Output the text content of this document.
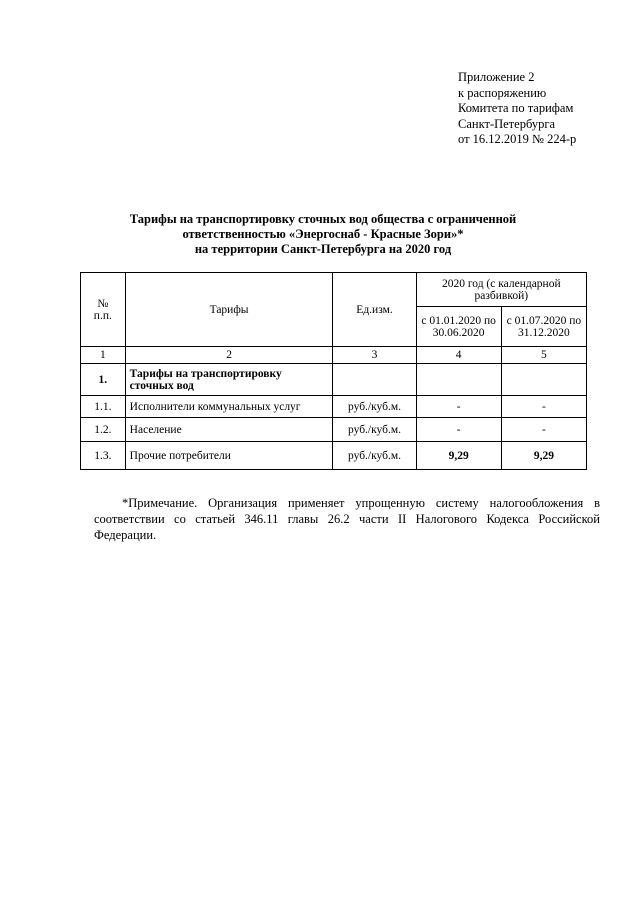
Приложение 2
к распоряжению
Комитета по тарифам
Санкт-Петербурга
от 16.12.2019 № 224-р
Тарифы на транспортировку сточных вод общества с ограниченной
ответственностью «Энергоснаб - Красные Зори»*
на территории Санкт-Петербурга на 2020 год
№ п.п.	Тарифы	Ед.изм.	2020 год (с календарной разбивкой)	
			с 01.01.2020 по 30.06.2020	с 01.07.2020 по 31.12.2020
1	2	3	4	5
1.	Тарифы на транспортировку сточных вод			
1.1.	Исполнители коммунальных услуг	руб./куб.м.	-	-
1.2.	Население	руб./куб.м.	-	-
1.3.	Прочие потребители	руб./куб.м.	9,29	9,29
*Примечание. Организация применяет упрощенную систему налогообложения в соответствии со статьей 346.11 главы 26.2 части II Налогового Кодекса Российской Федерации.
